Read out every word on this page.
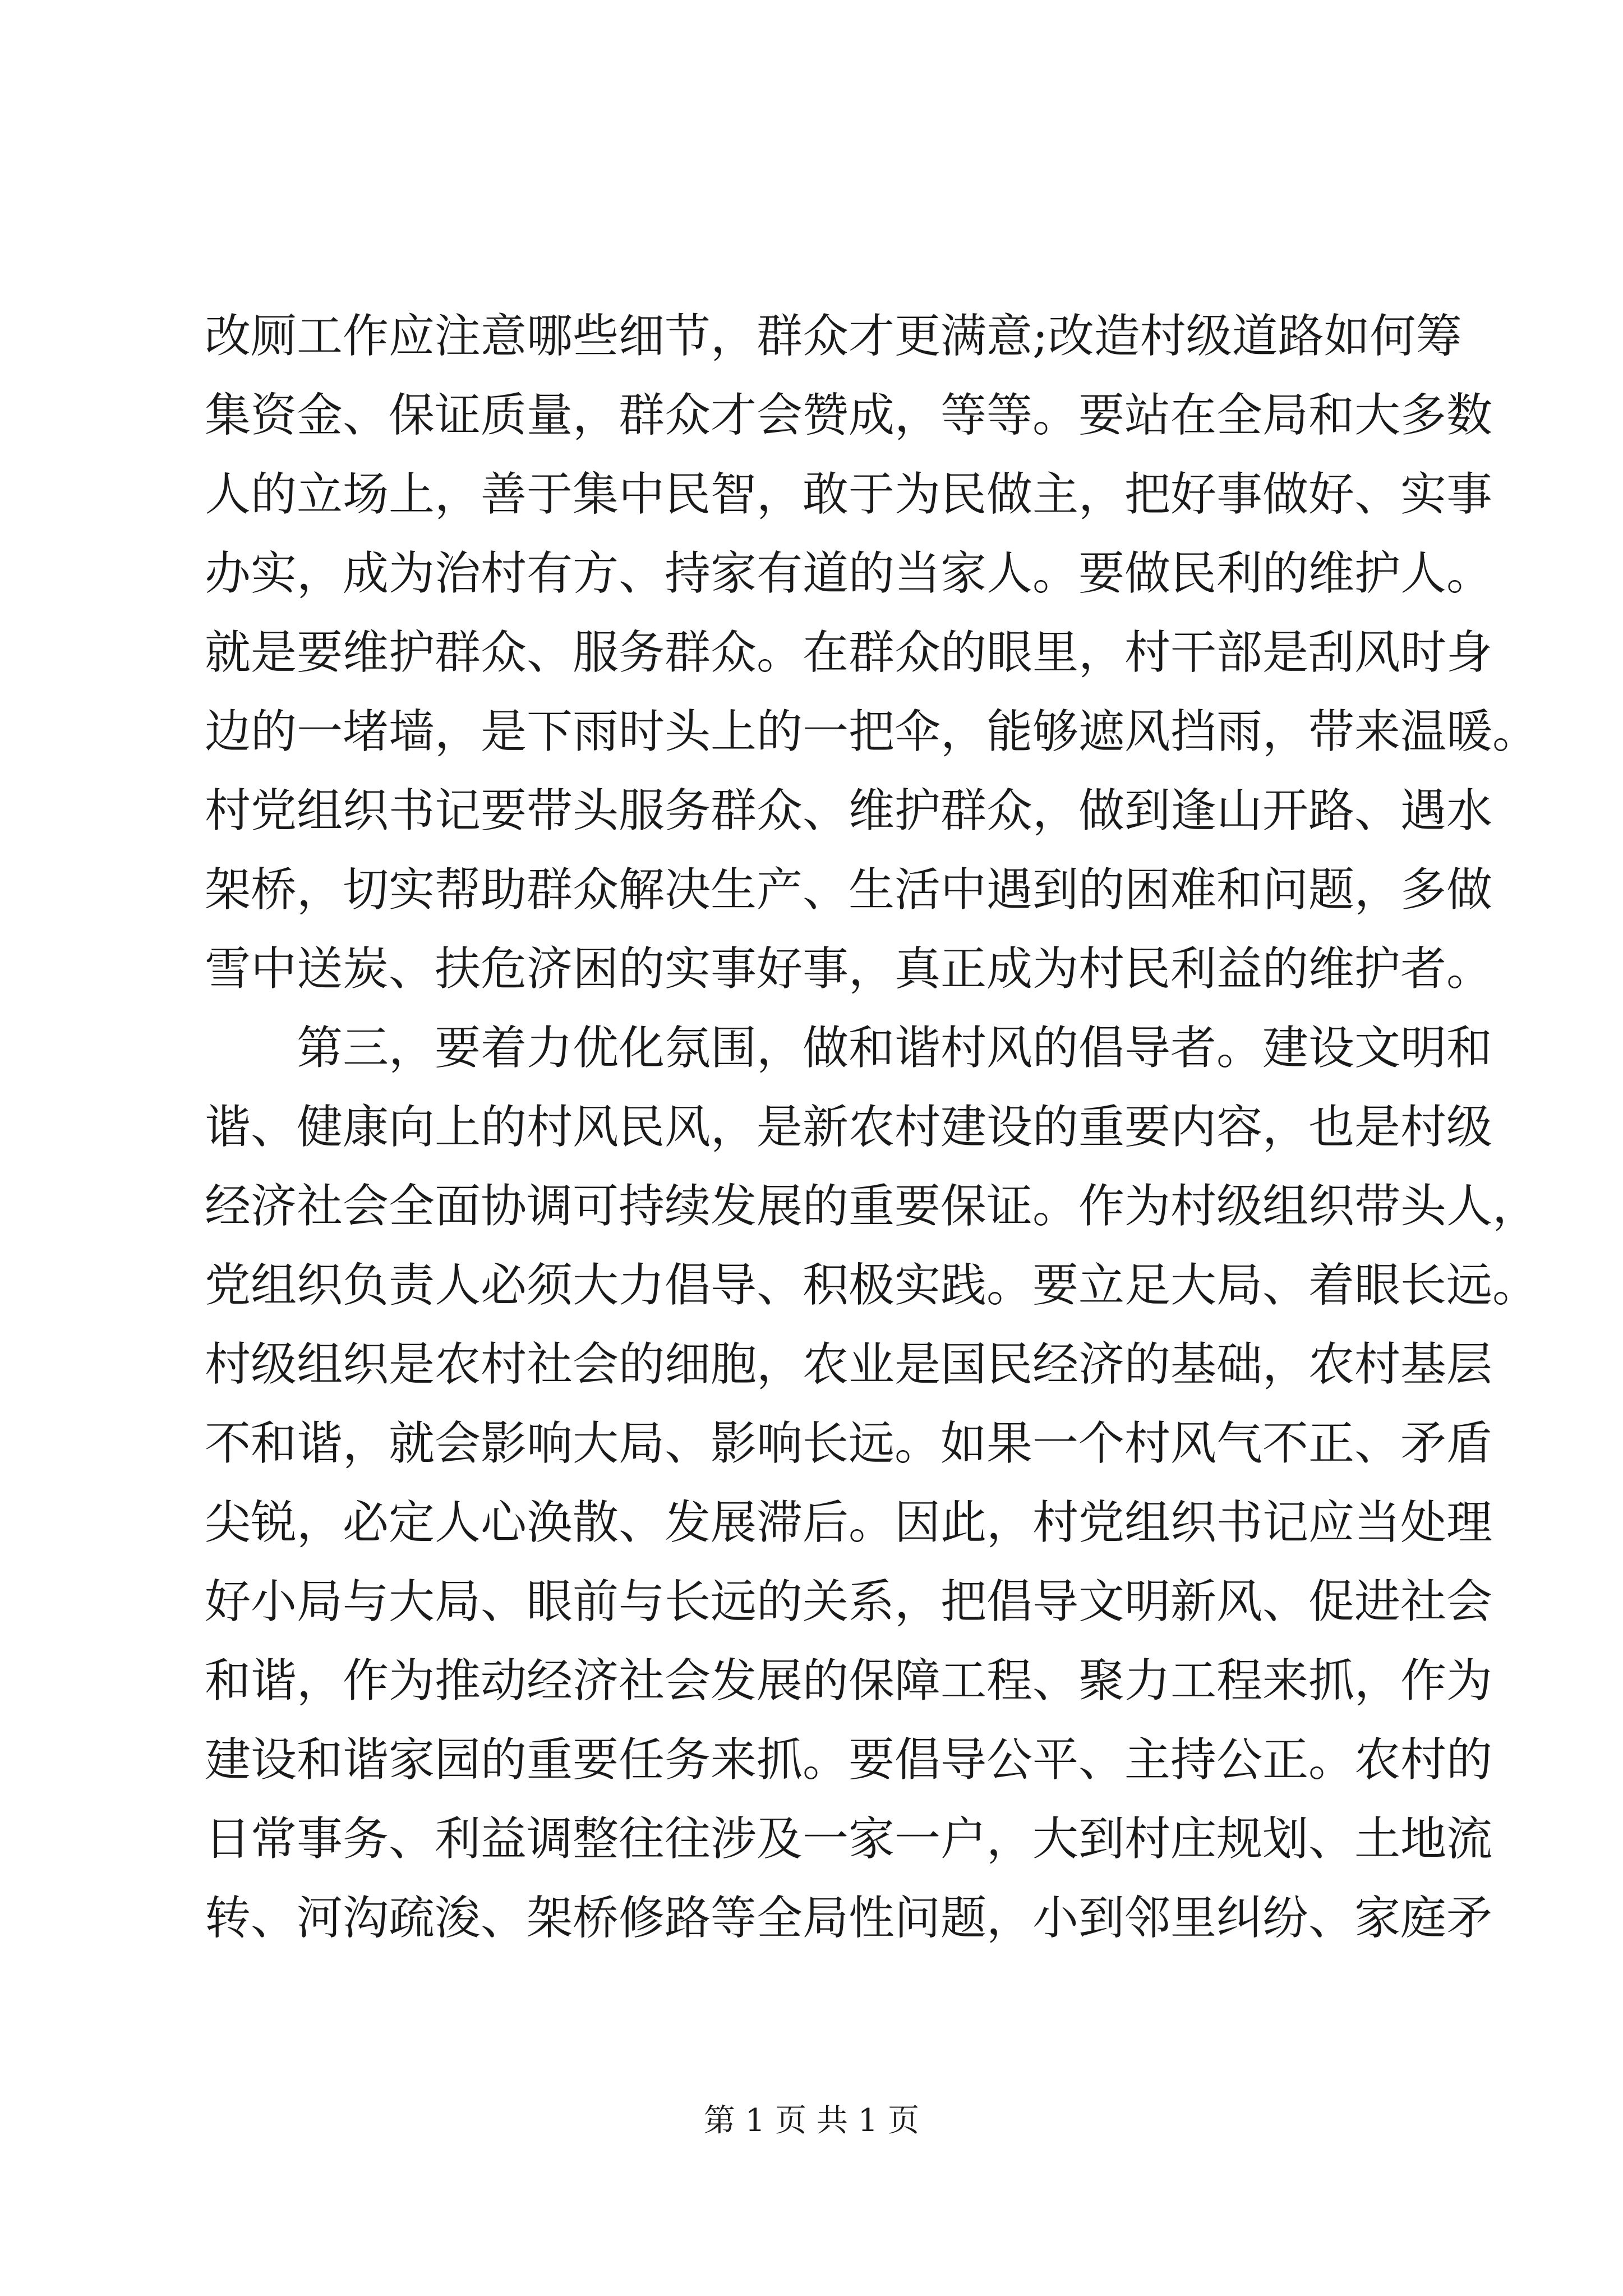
改厕工作应注意哪些细节，群众才更满意;改造村级道路如何筹
集资金、保证质量，群众才会赞成，等等。要站在全局和大多数
人的立场上，善于集中民智，敢于为民做主，把好事做好、实事
办实，成为治村有方、持家有道的当家人。要做民利的维护人。
就是要维护群众、服务群众。在群众的眼里，村干部是刮风时身
边的一堵墙，是下雨时头上的一把伞，能够遮风挡雨，带来温暖。
村党组织书记要带头服务群众、维护群众，做到逢山开路、遇水
架桥，切实帮助群众解决生产、生活中遇到的困难和问题，多做
雪中送炭、扶危济困的实事好事，真正成为村民利益的维护者。
第三，要着力优化氛围，做和谐村风的倡导者。建设文明和
谐、健康向上的村风民风，是新农村建设的重要内容，也是村级
经济社会全面协调可持续发展的重要保证。作为村级组织带头人，
党组织负责人必须大力倡导、积极实践。要立足大局、着眼长远。
村级组织是农村社会的细胞，农业是国民经济的基础，农村基层
不和谐，就会影响大局、影响长远。如果一个村风气不正、矛盾
尖锐，必定人心涣散、发展滞后。因此，村党组织书记应当处理
好小局与大局、眼前与长远的关系，把倡导文明新风、促进社会
和谐，作为推动经济社会发展的保障工程、聚力工程来抓，作为
建设和谐家园的重要任务来抓。要倡导公平、主持公正。农村的
日常事务、利益调整往往涉及一家一户，大到村庄规划、土地流
转、河沟疏浚、架桥修路等全局性问题，小到邻里纠纷、家庭矛
第 1 页 共 1 页
